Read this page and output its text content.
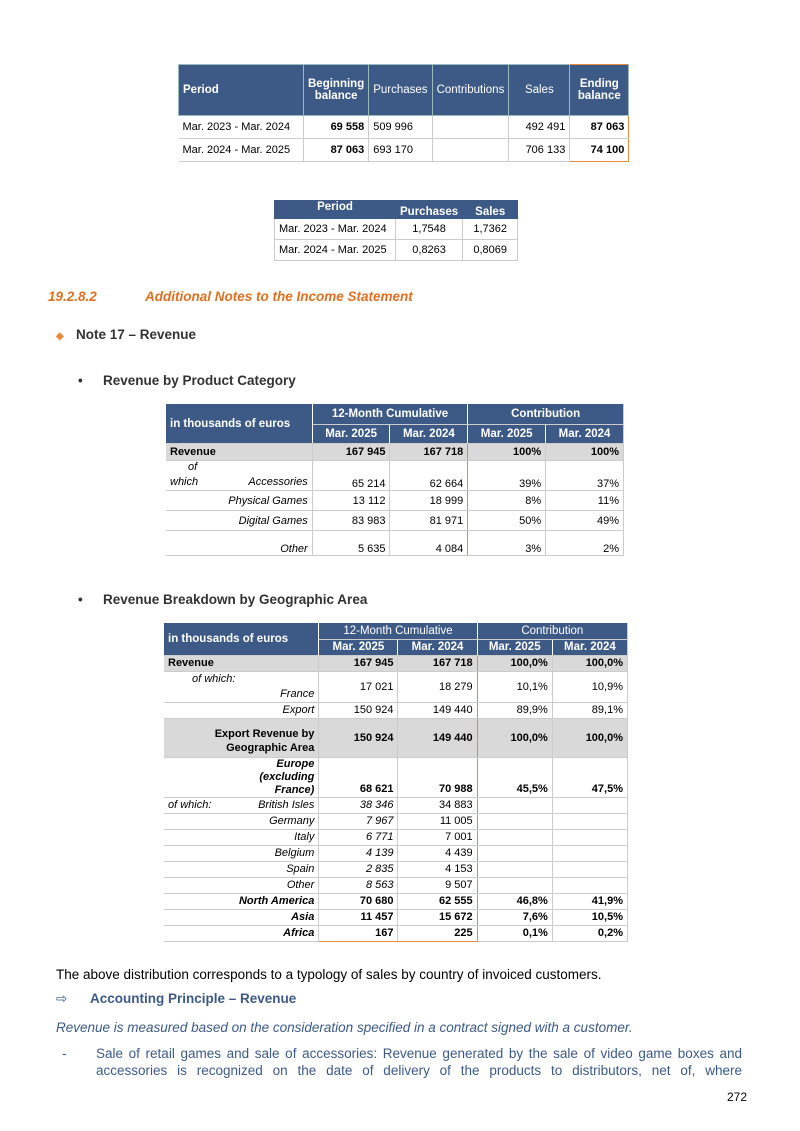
Period	Beginning balance	Purchases	Contributions	Sales	Ending balance
Mar. 2023 - Mar. 2024	69 558	509 996		492 491	87 063
Mar. 2024 - Mar. 2025	87 063	693 170		706 133	74 100
Period	Purchases	Sales
Mar. 2023 - Mar. 2024	1,7548	1,7362
Mar. 2024 - Mar. 2025	0,8263	0,8069
19.2.8.2	Additional Notes to the Income Statement
◆ Note 17 – Revenue
• Revenue by Product Category
in thousands of euros	12-Month Cumulative		Contribution	
	Mar. 2025	Mar. 2024	Mar. 2025	Mar. 2024
Revenue	167 945	167 718	100%	100%

of
which Accessories	65 214	62 664	39%	37%
Physical Games	13 112	18 999	8%	11%
Digital Games	83 983	81 971	50%	49%
Other	5 635	4 084	3%	2%
• Revenue Breakdown by Geographic Area
in thousands of euros	12-Month Cumulative		Contribution	
	Mar. 2025	Mar. 2024	Mar. 2025	Mar. 2024
Revenue	167 945	167 718	100,0%	100,0%
of which:
France	17 021	18 279	10,1%	10,9%
Export	150 924	149 440	89,9%	89,1%
Export Revenue by Geographic Area	150 924	149 440	100,0%	100,0%
Europe (excluding France)	68 621	70 988	45,5%	47,5%
of which: British Isles	38 346	34 883		
Germany	7 967	11 005		
Italy	6 771	7 001		
Belgium	4 139	4 439		
Spain	2 835	4 153		
Other	8 563	9 507		
North America	70 680	62 555	46,8%	41,9%
Asia	11 457	15 672	7,6%	10,5%
Africa	167	225	0,1%	0,2%
The above distribution corresponds to a typology of sales by country of invoiced customers.
⇨ Accounting Principle – Revenue
Revenue is measured based on the consideration specified in a contract signed with a customer.
- Sale of retail games and sale of accessories: Revenue generated by the sale of video game boxes and accessories is recognized on the date of delivery of the products to distributors, net of, where
272
